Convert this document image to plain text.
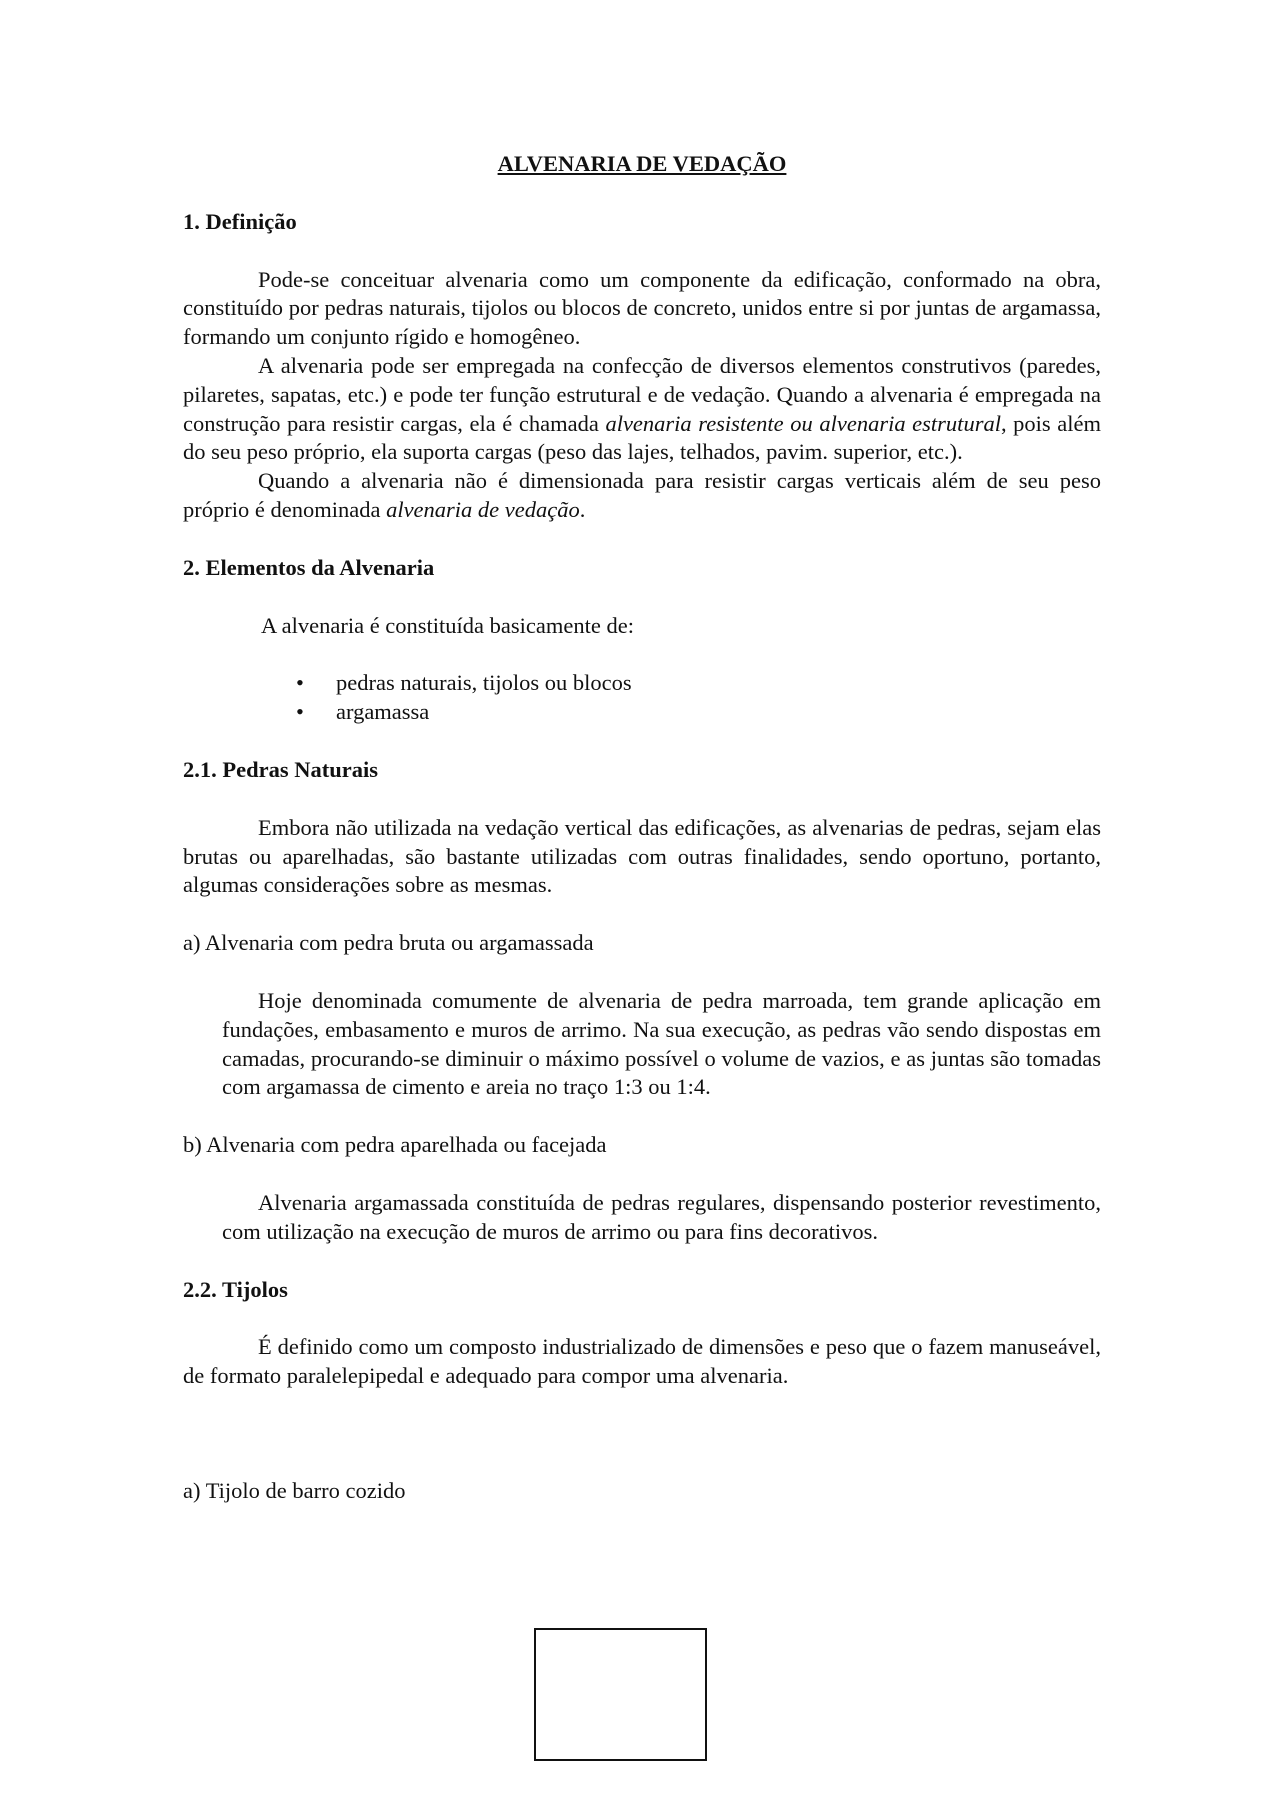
ALVENARIA DE VEDAÇÃO
1. Definição

Pode-se conceituar alvenaria como um componente da edificação, conformado na obra, constituído por pedras naturais, tijolos ou blocos de concreto, unidos entre si por juntas de argamassa, formando um conjunto rígido e homogêneo.

A alvenaria pode ser empregada na confecção de diversos elementos construtivos (paredes, pilaretes, sapatas, etc.) e pode ter função estrutural e de vedação. Quando a alvenaria é empregada na construção para resistir cargas, ela é chamada alvenaria resistente ou alvenaria estrutural, pois além do seu peso próprio, ela suporta cargas (peso das lajes, telhados, pavim. superior, etc.).

Quando a alvenaria não é dimensionada para resistir cargas verticais além de seu peso próprio é denominada alvenaria de vedação.

2. Elementos da Alvenaria

A alvenaria é constituída basicamente de:

• pedras naturais, tijolos ou blocos
• argamassa
2.1. Pedras Naturais

Embora não utilizada na vedação vertical das edificações, as alvenarias de pedras, sejam elas brutas ou aparelhadas, são bastante utilizadas com outras finalidades, sendo oportuno, portanto, algumas considerações sobre as mesmas.

a) Alvenaria com pedra bruta ou argamassada

Hoje denominada comumente de alvenaria de pedra marroada, tem grande aplicação em fundações, embasamento e muros de arrimo. Na sua execução, as pedras vão sendo dispostas em camadas, procurando-se diminuir o máximo possível o volume de vazios, e as juntas são tomadas com argamassa de cimento e areia no traço 1:3 ou 1:4.

b) Alvenaria com pedra aparelhada ou facejada

Alvenaria argamassada constituída de pedras regulares, dispensando posterior revestimento, com utilização na execução de muros de arrimo ou para fins decorativos.

2.2. Tijolos

É definido como um composto industrializado de dimensões e peso que o fazem manuseável, de formato paralelepipedal e adequado para compor uma alvenaria.

a) Tijolo de barro cozido
